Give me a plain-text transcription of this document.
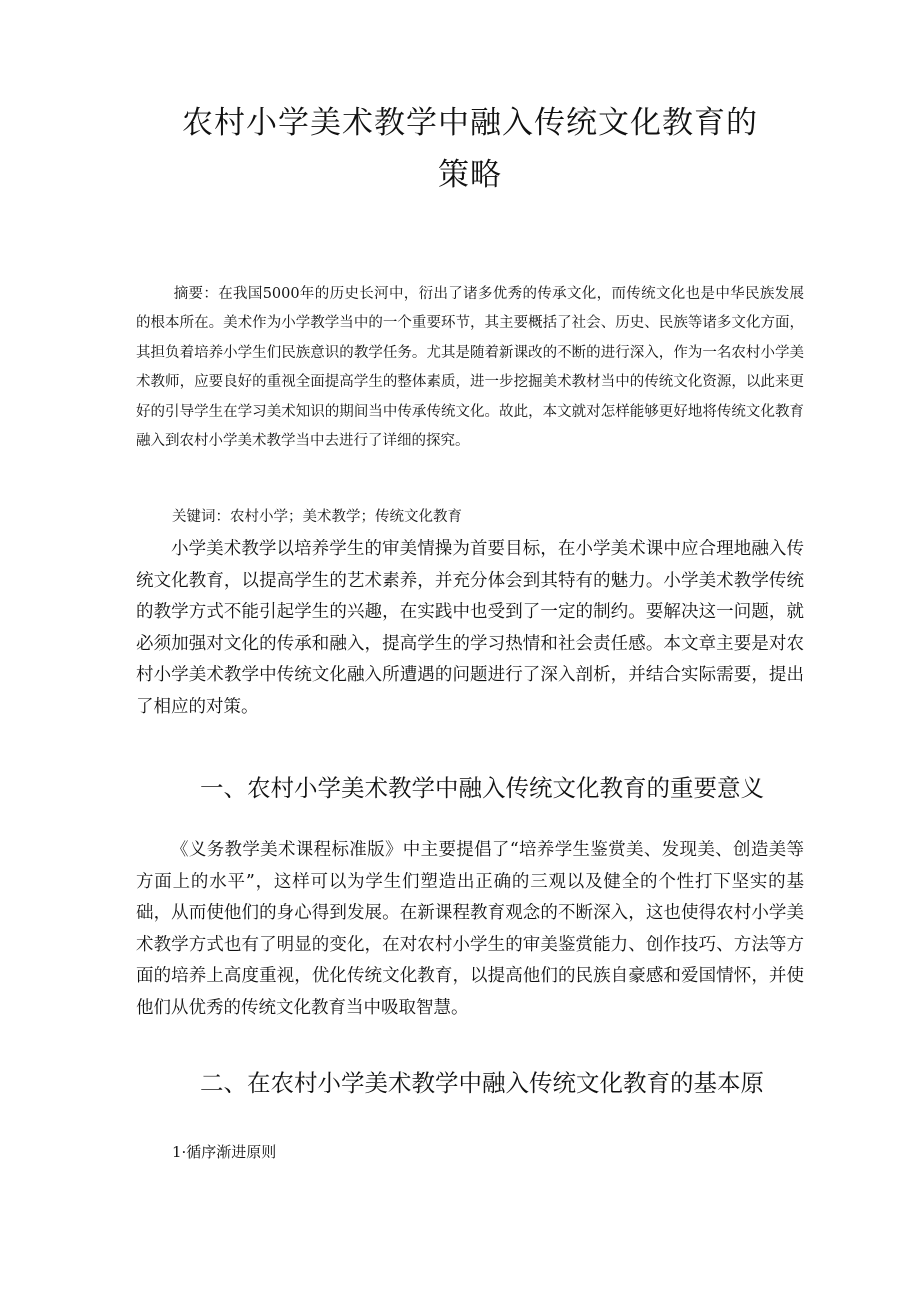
农村小学美术教学中融入传统文化教育的
策略

摘要：在我国5000年的历史长河中，衍出了诸多优秀的传承文化，而传统文化也是中华民族发展的根本所在。美术作为小学教学当中的一个重要环节，其主要概括了社会、历史、民族等诸多文化方面，其担负着培养小学生们民族意识的教学任务。尤其是随着新课改的不断的进行深入，作为一名农村小学美术教师，应要良好的重视全面提高学生的整体素质，进一步挖掘美术教材当中的传统文化资源，以此来更好的引导学生在学习美术知识的期间当中传承传统文化。故此，本文就对怎样能够更好地将传统文化教育融入到农村小学美术教学当中去进行了详细的探究。

关键词：农村小学；美术教学；传统文化教育

小学美术教学以培养学生的审美情操为首要目标，在小学美术课中应合理地融入传统文化教育，以提高学生的艺术素养，并充分体会到其特有的魅力。小学美术教学传统的教学方式不能引起学生的兴趣，在实践中也受到了一定的制约。要解决这一问题，就必须加强对文化的传承和融入，提高学生的学习热情和社会责任感。本文章主要是对农村小学美术教学中传统文化融入所遭遇的问题进行了深入剖析，并结合实际需要，提出了相应的对策。

一、农村小学美术教学中融入传统文化教育的重要意义

《义务教学美术课程标准版》中主要提倡了“培养学生鉴赏美、发现美、创造美等方面上的水平”，这样可以为学生们塑造出正确的三观以及健全的个性打下坚实的基础，从而使他们的身心得到发展。在新课程教育观念的不断深入，这也使得农村小学美术教学方式也有了明显的变化，在对农村小学生的审美鉴赏能力、创作技巧、方法等方面的培养上高度重视，优化传统文化教育，以提高他们的民族自豪感和爱国情怀，并使他们从优秀的传统文化教育当中吸取智慧。

二、在农村小学美术教学中融入传统文化教育的基本原

1·循序渐进原则
